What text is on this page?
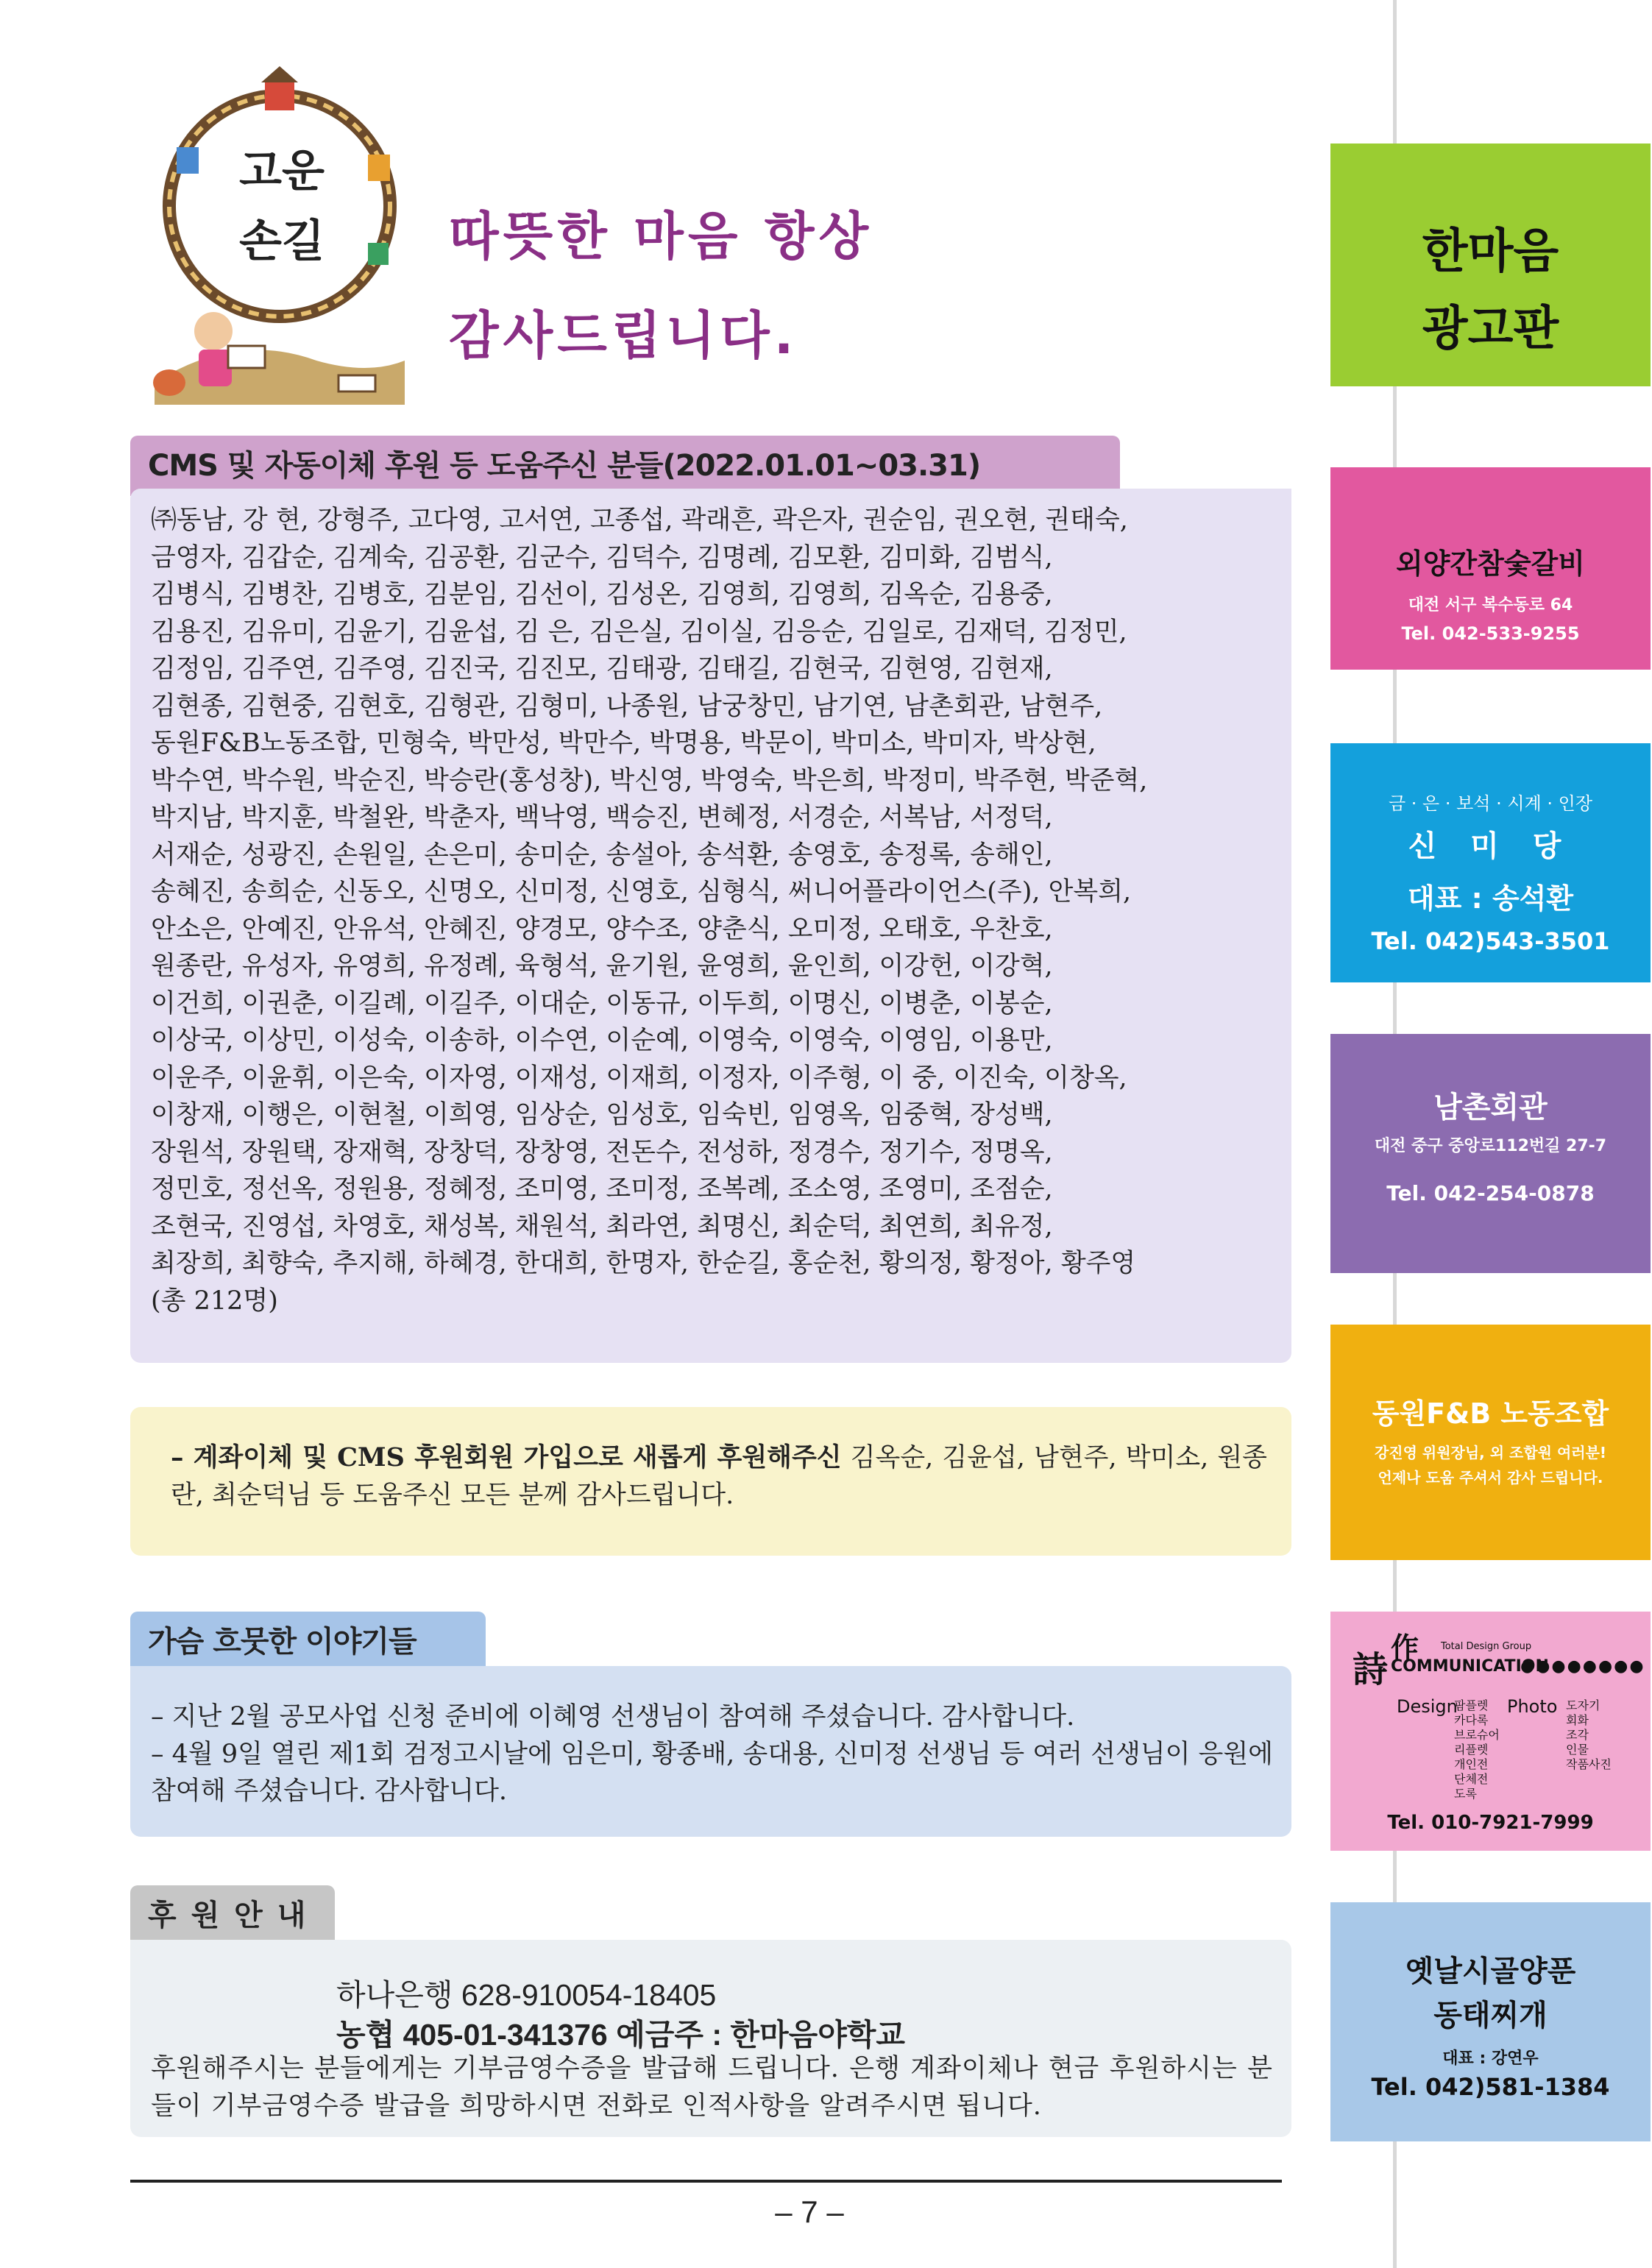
고운
손길	따뜻한 마음 항상
감사드립니다.
CMS 및 자동이체 후원 등 도움주신 분들(2022.01.01~03.31)
㈜동남, 강 현, 강형주, 고다영, 고서연, 고종섭, 곽래흔, 곽은자, 권순임, 권오현, 권태숙,
금영자, 김갑순, 김계숙, 김공환, 김군수, 김덕수, 김명례, 김모환, 김미화, 김범식,
김병식, 김병찬, 김병호, 김분임, 김선이, 김성온, 김영희, 김영희, 김옥순, 김용중,
김용진, 김유미, 김윤기, 김윤섭, 김 은, 김은실, 김이실, 김응순, 김일로, 김재덕, 김정민,
김정임, 김주연, 김주영, 김진국, 김진모, 김태광, 김태길, 김현국, 김현영, 김현재,
김현종, 김현중, 김현호, 김형관, 김형미, 나종원, 남궁창민, 남기연, 남촌회관, 남현주,
동원F&B노동조합, 민형숙, 박만성, 박만수, 박명용, 박문이, 박미소, 박미자, 박상현,
박수연, 박수원, 박순진, 박승란(홍성창), 박신영, 박영숙, 박은희, 박정미, 박주현, 박준혁,
박지남, 박지훈, 박철완, 박춘자, 백낙영, 백승진, 변혜정, 서경순, 서복남, 서정덕,
서재순, 성광진, 손원일, 손은미, 송미순, 송설아, 송석환, 송영호, 송정록, 송해인,
송혜진, 송희순, 신동오, 신명오, 신미정, 신영호, 심형식, 써니어플라이언스(주), 안복희,
안소은, 안예진, 안유석, 안혜진, 양경모, 양수조, 양춘식, 오미정, 오태호, 우찬호,
원종란, 유성자, 유영희, 유정례, 육형석, 윤기원, 윤영희, 윤인희, 이강헌, 이강혁,
이건희, 이권춘, 이길례, 이길주, 이대순, 이동규, 이두희, 이명신, 이병춘, 이봉순,
이상국, 이상민, 이성숙, 이송하, 이수연, 이순예, 이영숙, 이영숙, 이영임, 이용만,
이운주, 이윤휘, 이은숙, 이자영, 이재성, 이재희, 이정자, 이주형, 이 중, 이진숙, 이창옥,
이창재, 이행은, 이현철, 이희영, 임상순, 임성호, 임숙빈, 임영옥, 임중혁, 장성백,
장원석, 장원택, 장재혁, 장창덕, 장창영, 전돈수, 전성하, 정경수, 정기수, 정명옥,
정민호, 정선옥, 정원용, 정혜정, 조미영, 조미정, 조복례, 조소영, 조영미, 조점순,
조현국, 진영섭, 차영호, 채성복, 채원석, 최라연, 최명신, 최순덕, 최연희, 최유정,
최장희, 최향숙, 추지해, 하혜경, 한대희, 한명자, 한순길, 홍순천, 황의정, 황정아, 황주영
(총 212명)
– 계좌이체 및 CMS 후원회원 가입으로 새롭게 후원해주신 김옥순, 김윤섭, 남현주, 박미소, 원종란, 최순덕님 등 도움주신 모든 분께 감사드립니다.
가슴 흐뭇한 이야기들
– 지난 2월 공모사업 신청 준비에 이혜영 선생님이 참여해 주셨습니다. 감사합니다.
– 4월 9일 열린 제1회 검정고시날에 임은미, 황종배, 송대용, 신미정 선생님 등 여러 선생님이 응원에 참여해 주셨습니다. 감사합니다.
후 원 안 내
하나은행 628-910054-18405
농협 405-01-341376 예금주 : 한마음야학교
후원해주시는 분들에게는 기부금영수증을 발급해 드립니다. 은행 계좌이체나 현금 후원하시는 분들이 기부금영수증 발급을 희망하시면 전화로 인적사항을 알려주시면 됩니다.
– 7 –
한마음
광고판
외양간참숯갈비
대전 서구 복수동로 64
Tel. 042-533-9255
금 · 은 · 보석 · 시계 · 인장
신 미 당
대표 : 송석환
Tel. 042)543-3501
남촌회관
대전 중구 중앙로112번길 27-7
Tel. 042-254-0878
동원F&B 노동조합
강진영 위원장님, 외 조합원 여러분!
언제나 도움 주셔서 감사 드립니다.
詩
作 Total Design Group
COMMUNICATION
●●●●●●●●
Design
팜플렛
카다록
브로슈어
리플렛
개인전
단체전
도록
Photo 도자기
회화
조각
인물
작품사진
Tel. 010-7921-7999
옛날시골양푼
동태찌개
대표 : 강연우
Tel. 042)581-1384
